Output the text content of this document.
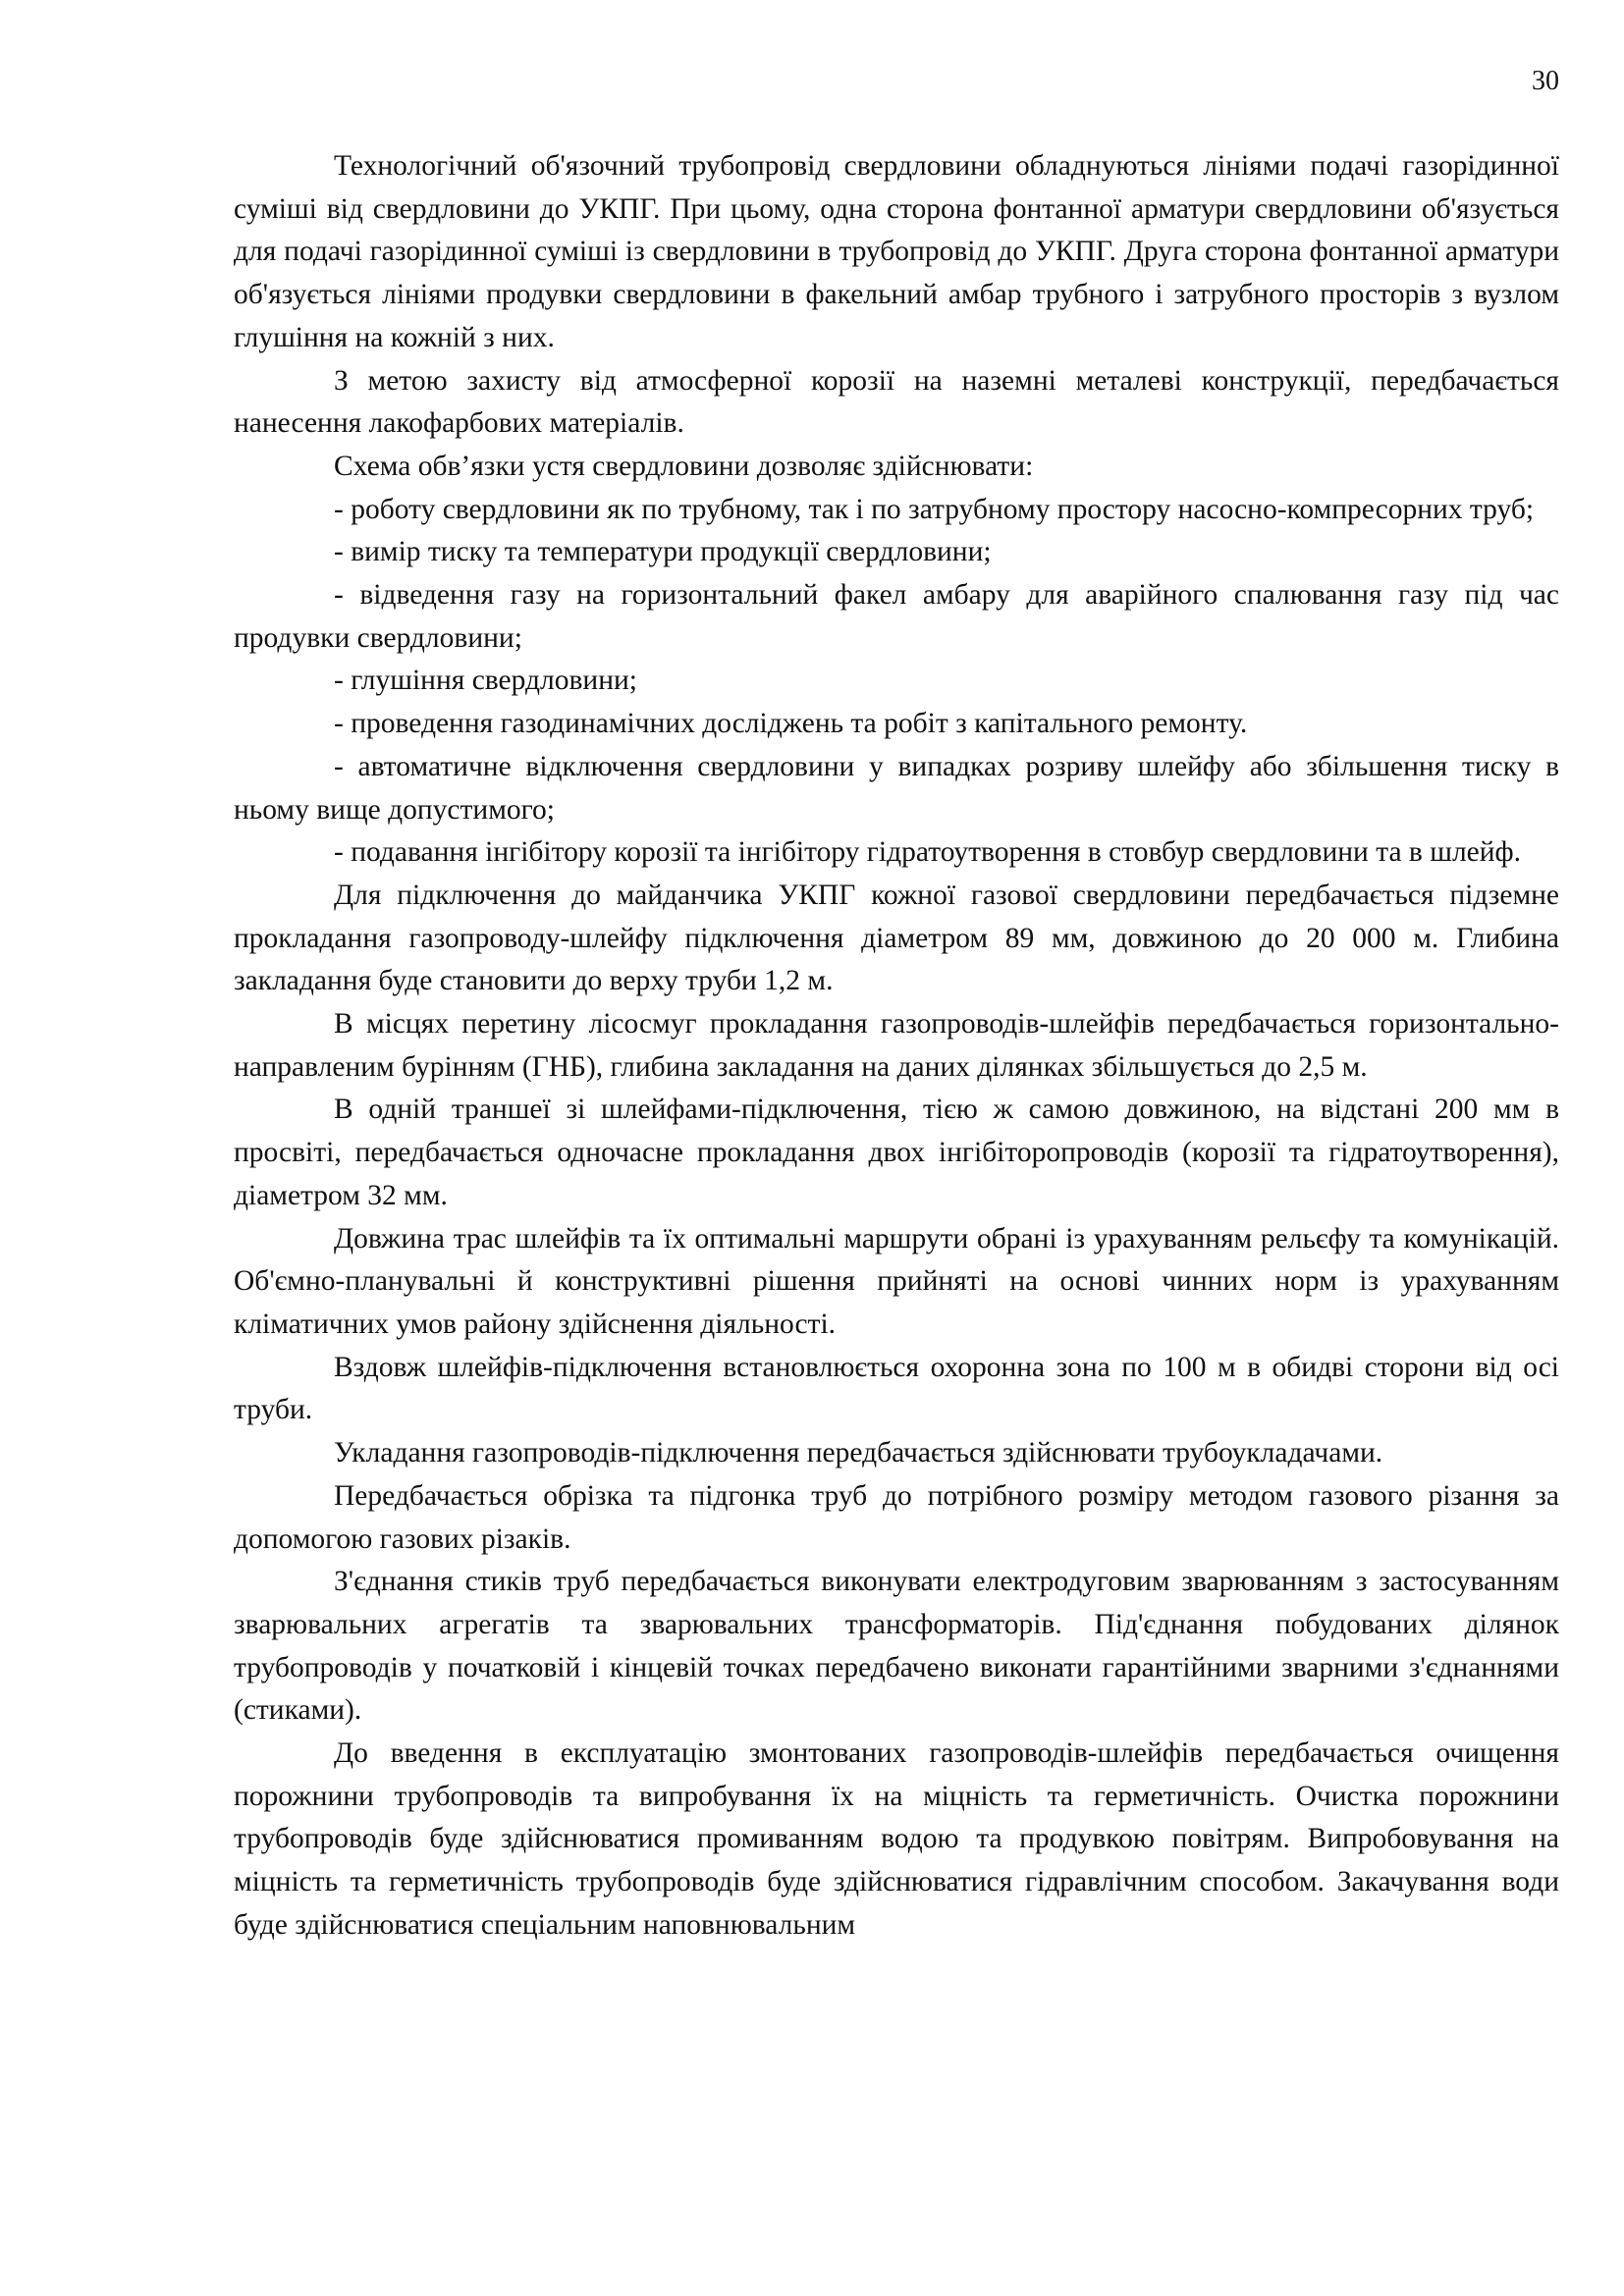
30

Технологічний об'язочний трубопровід свердловини обладнуються лініями подачі газорідинної суміші від свердловини до УКПГ. При цьому, одна сторона фонтанної арматури свердловини об'язується для подачі газорідинної суміші із свердловини в трубопровід до УКПГ. Друга сторона фонтанної арматури об'язується лініями продувки свердловини в факельний амбар трубного і затрубного просторів з вузлом глушіння на кожній з них.

З метою захисту від атмосферної корозії на наземні металеві конструкції, передбачається нанесення лакофарбових матеріалів.

Схема обв’язки устя свердловини дозволяє здійснювати:

- роботу свердловини як по трубному, так і по затрубному простору насосно-компресорних труб;

- вимір тиску та температури продукції свердловини;

- відведення газу на горизонтальний факел амбару для аварійного спалювання газу під час продувки свердловини;

- глушіння свердловини;

- проведення газодинамічних досліджень та робіт з капітального ремонту.

- автоматичне відключення свердловини у випадках розриву шлейфу або збільшення тиску в ньому вище допустимого;

- подавання інгібітору корозії та інгібітору гідратоутворення в стовбур свердловини та в шлейф.

Для підключення до майданчика УКПГ кожної газової свердловини передбачається підземне прокладання газопроводу-шлейфу підключення діаметром 89 мм, довжиною до 20 000 м. Глибина закладання буде становити до верху труби 1,2 м.

В місцях перетину лісосмуг прокладання газопроводів-шлейфів передбачається горизонтально-направленим бурінням (ГНБ), глибина закладання на даних ділянках збільшується до 2,5 м.

В одній траншеї зі шлейфами-підключення, тією ж самою довжиною, на відстані 200 мм в просвіті, передбачається одночасне прокладання двох інгібіторопроводів (корозії та гідратоутворення), діаметром 32 мм.

Довжина трас шлейфів та їх оптимальні маршрути обрані із урахуванням рельєфу та комунікацій. Об'ємно-планувальні й конструктивні рішення прийняті на основі чинних норм із урахуванням кліматичних умов району здійснення діяльності.

Вздовж шлейфів-підключення встановлюється охоронна зона по 100 м в обидві сторони від осі труби.

Укладання газопроводів-підключення передбачається здійснювати трубоукладачами.

Передбачається обрізка та підгонка труб до потрібного розміру методом газового різання за допомогою газових різаків.

З'єднання стиків труб передбачається виконувати електродуговим зварюванням з застосуванням зварювальних агрегатів та зварювальних трансформаторів. Під'єднання побудованих ділянок трубопроводів у початковій і кінцевій точках передбачено виконати гарантійними зварними з'єднаннями (стиками).

До введення в експлуатацію змонтованих газопроводів-шлейфів передбачається очищення порожнини трубопроводів та випробування їх на міцність та герметичність. Очистка порожнини трубопроводів буде здійснюватися промиванням водою та продувкою повітрям. Випробовування на міцність та герметичність трубопроводів буде здійснюватися гідравлічним способом. Закачування води буде здійснюватися спеціальним наповнювальним
